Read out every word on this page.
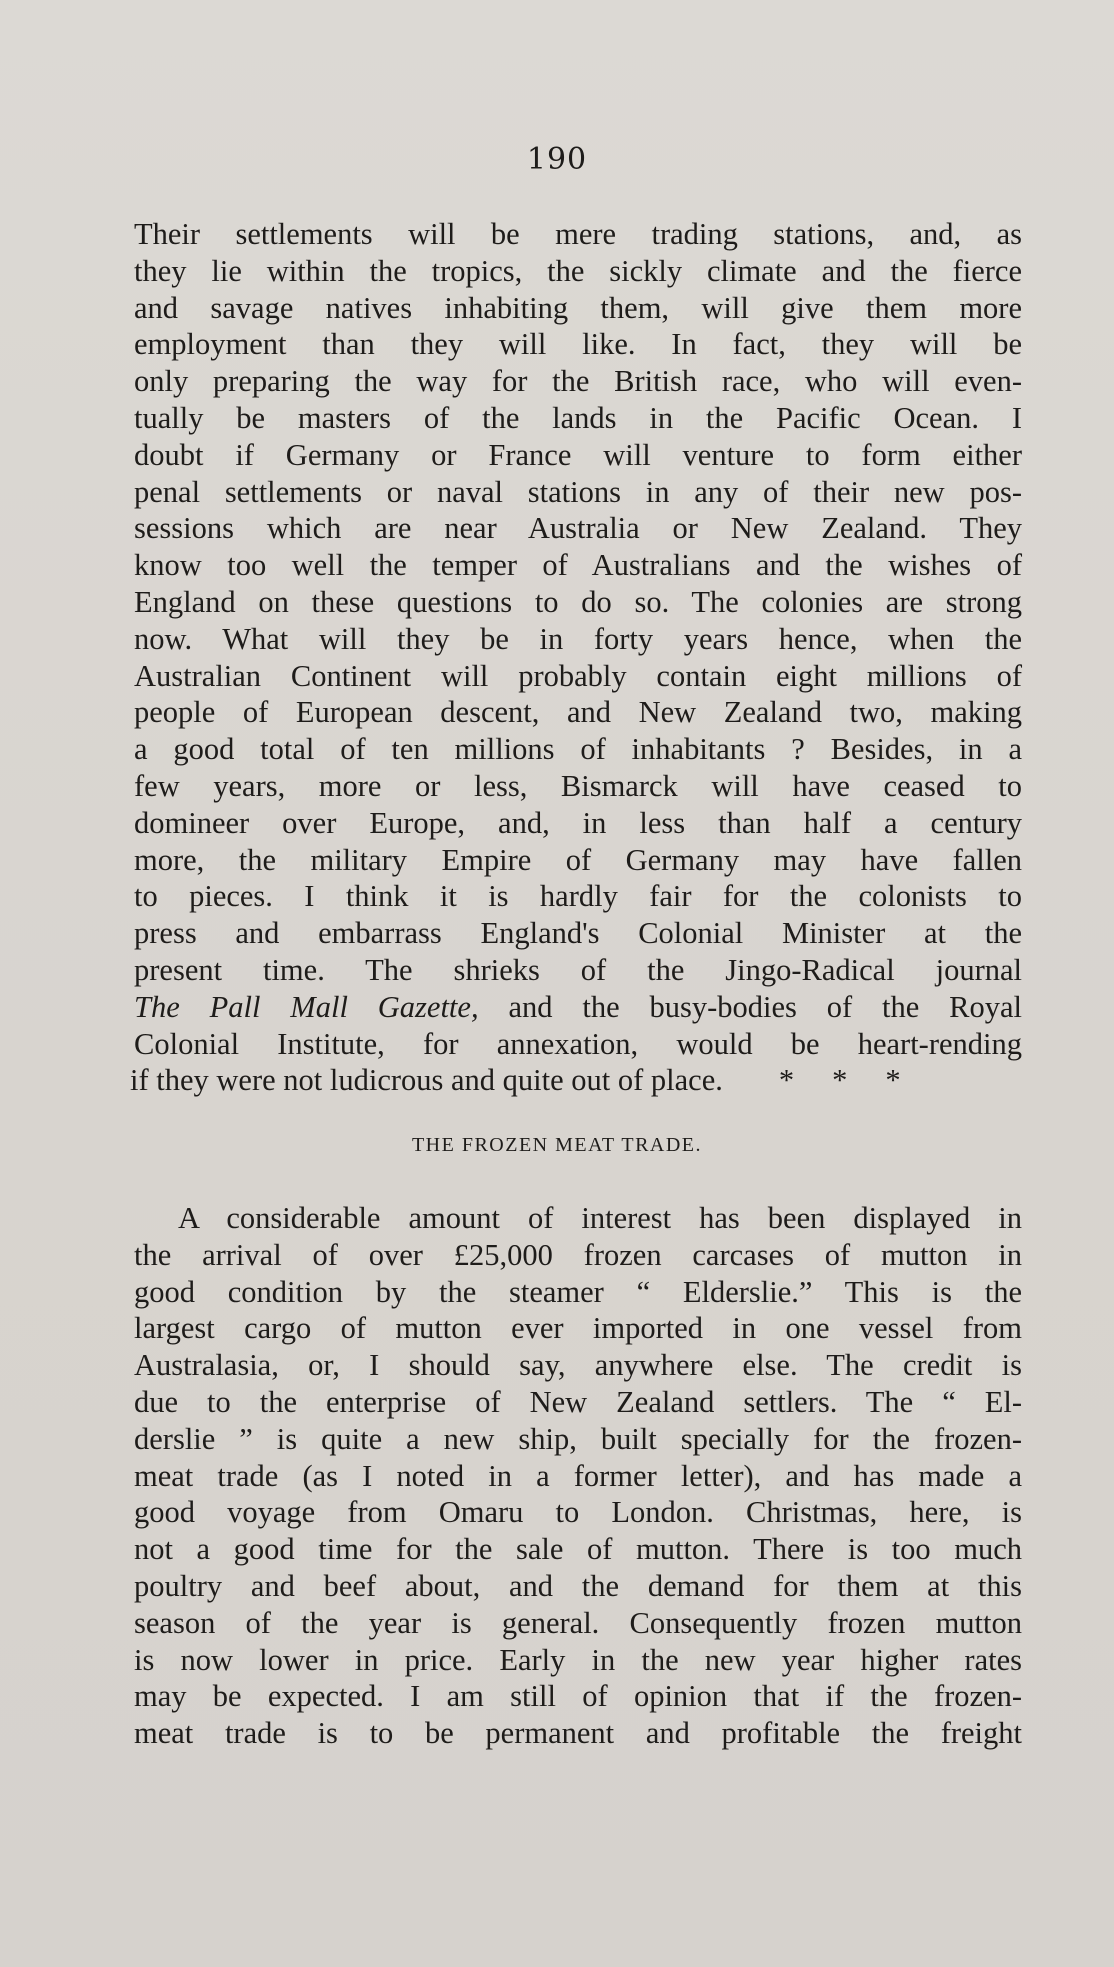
190
Their settlements will be mere trading stations, and, as
they lie within the tropics, the sickly climate and the fierce
and savage natives inhabiting them, will give them more
employment than they will like. In fact, they will be
only preparing the way for the British race, who will even-
tually be masters of the lands in the Pacific Ocean. I
doubt if Germany or France will venture to form either
penal settlements or naval stations in any of their new pos-
sessions which are near Australia or New Zealand. They
know too well the temper of Australians and the wishes of
England on these questions to do so. The colonies are strong
now. What will they be in forty years hence, when the
Australian Continent will probably contain eight millions of
people of European descent, and New Zealand two, making
a good total of ten millions of inhabitants ? Besides, in a
few years, more or less, Bismarck will have ceased to
domineer over Europe, and, in less than half a century
more, the military Empire of Germany may have fallen
to pieces. I think it is hardly fair for the colonists to
press and embarrass England's Colonial Minister at the
present time. The shrieks of the Jingo-Radical journal
The Pall Mall Gazette, and the busy-bodies of the Royal
Colonial Institute, for annexation, would be heart-rending
if they were not ludicrous and quite out of place. * * *
THE FROZEN MEAT TRADE.
A considerable amount of interest has been displayed in
the arrival of over £25,000 frozen carcases of mutton in
good condition by the steamer “ Elderslie.” This is the
largest cargo of mutton ever imported in one vessel from
Australasia, or, I should say, anywhere else. The credit is
due to the enterprise of New Zealand settlers. The “ El-
derslie ” is quite a new ship, built specially for the frozen-
meat trade (as I noted in a former letter), and has made a
good voyage from Omaru to London. Christmas, here, is
not a good time for the sale of mutton. There is too much
poultry and beef about, and the demand for them at this
season of the year is general. Consequently frozen mutton
is now lower in price. Early in the new year higher rates
may be expected. I am still of opinion that if the frozen-
meat trade is to be permanent and profitable the freight
